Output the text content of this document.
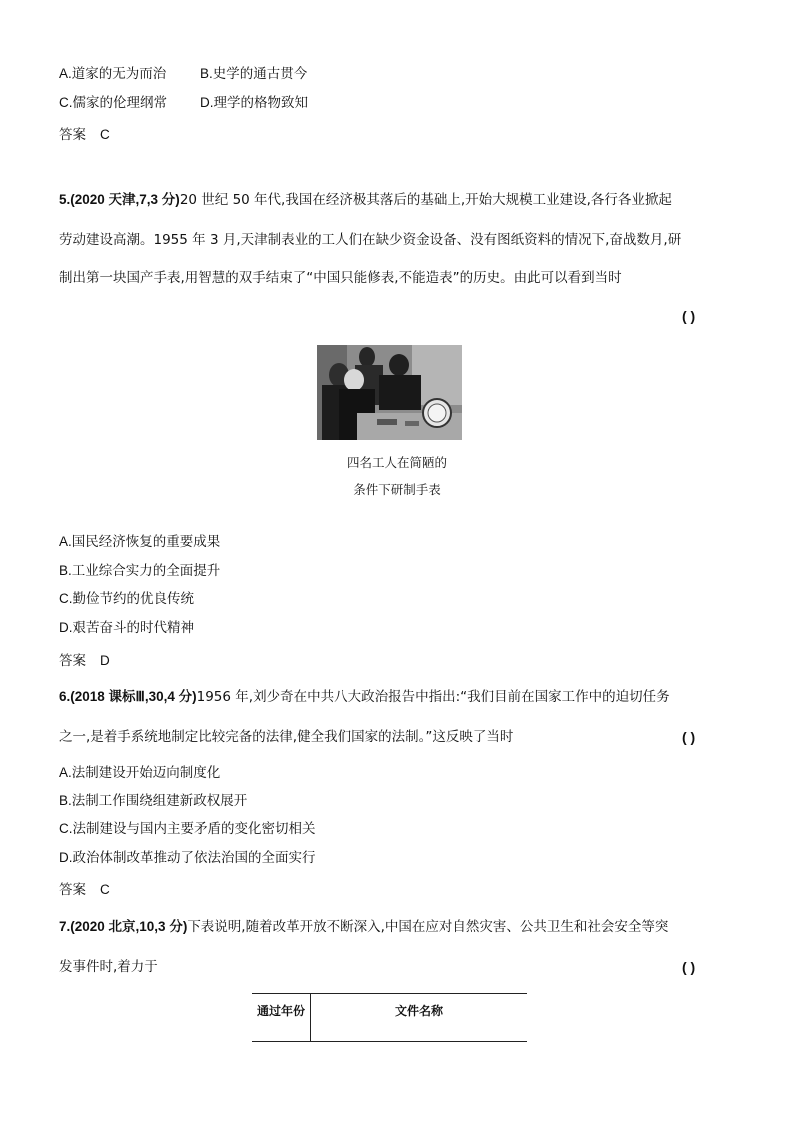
A.道家的无为而治 B.史学的通古贯今
C.儒家的伦理纲常 D.理学的格物致知
答案 C
5.(2020 天津,7,3 分)20 世纪 50 年代,我国在经济极其落后的基础上,开始大规模工业建设,各行各业掀起
劳动建设高潮。1955 年 3 月,天津制表业的工人们在缺少资金设备、没有图纸资料的情况下,奋战数月,研
制出第一块国产手表,用智慧的双手结束了“中国只能修表,不能造表”的历史。由此可以看到当时
( )
四名工人在简陋的
条件下研制手表
A.国民经济恢复的重要成果
B.工业综合实力的全面提升
C.勤俭节约的优良传统
D.艰苦奋斗的时代精神
答案 D
6.(2018 课标Ⅲ,30,4 分)1956 年,刘少奇在中共八大政治报告中指出:“我们目前在国家工作中的迫切任务
之一,是着手系统地制定比较完备的法律,健全我们国家的法制。”这反映了当时	( )
A.法制建设开始迈向制度化
B.法制工作围绕组建新政权展开
C.法制建设与国内主要矛盾的变化密切相关
D.政治体制改革推动了依法治国的全面实行
答案 C
7.(2020 北京,10,3 分)下表说明,随着改革开放不断深入,中国在应对自然灾害、公共卫生和社会安全等突
发事件时,着力于	( )
通过年份	文件名称
